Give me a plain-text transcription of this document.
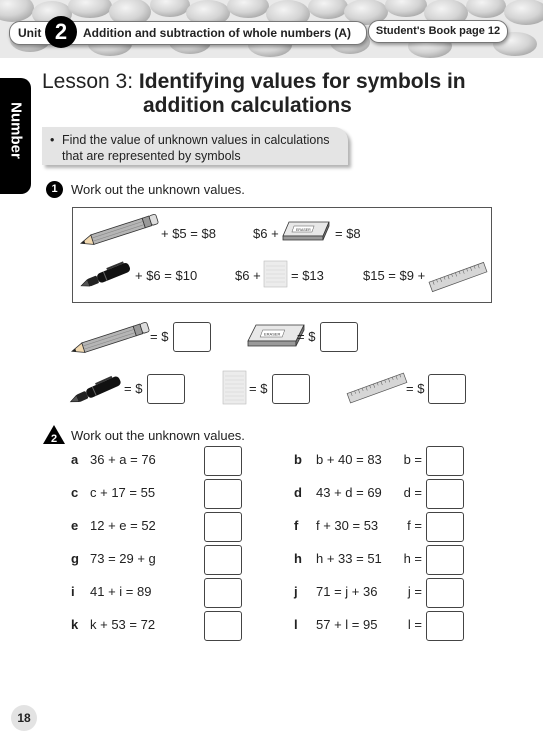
Unit 2	Addition and subtraction of whole numbers (A)	Student's Book page 12
Number
Lesson 3: Identifying values for symbols in
addition calculations
• Find the value of unknown values in calculations that are represented by symbols
1	Work out the unknown values.
+ $5 = $8	$6 +	ERASER = $8
+ $6 = $10	$6 + = $13	$15 = $9 +
= $	ERASER = $
= $	= $	= $
2 Work out the unknown values.
a 36 + a = 76	b b + 40 = 83	b =
c c + 17 = 55	d 43 + d = 69	d =
e 12 + e = 52	f f + 30 = 53	f =
g 73 = 29 + g	h h + 33 = 51	h =
i 41 + i = 89	j 71 = j + 36	j =
k k + 53 = 72	l 57 + l = 95	l =
18
